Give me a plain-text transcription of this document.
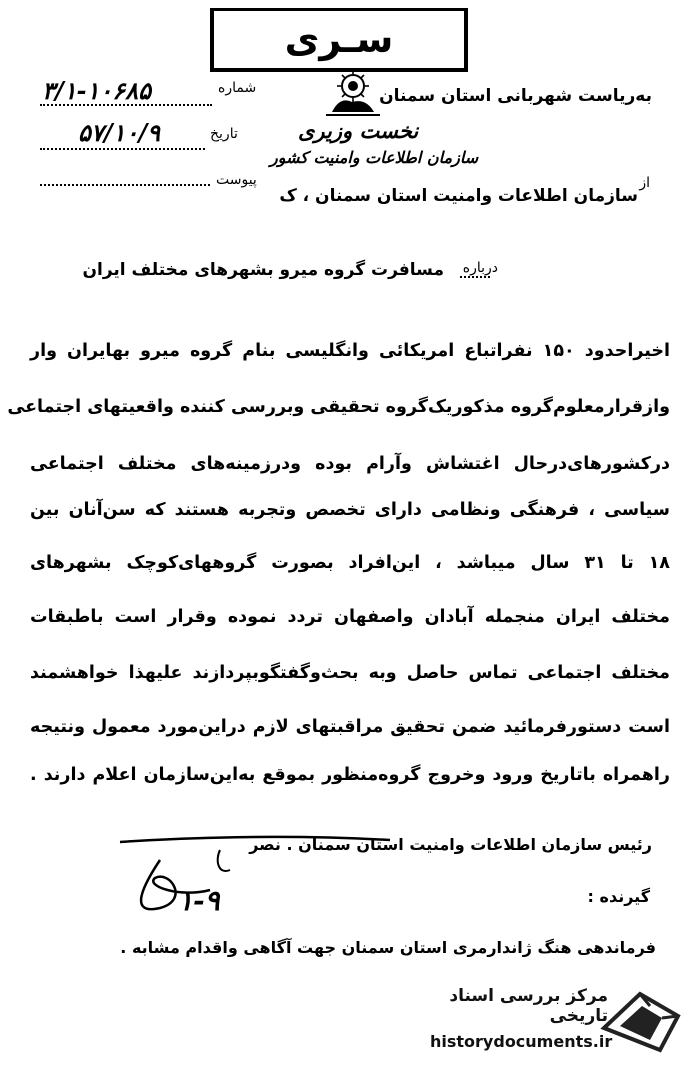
سـری
به‌ریاست شهربانی استان سمنان
شماره
۳/۱-۱۰۶۸۵
نخست وزیری
سازمان اطلاعات وامنیت کشور
تاریخ
۵۷/۱۰/۹
پیوست	از
سازمان اطلاعات وامنیت استان سمنان ، ک
درباره
مسافرت گروه میرو بشهرهای مختلف ایران
اخیراحدود ۱۵۰ نفراتباع امریکائی وانگلیسی بنام گروه میرو بهایران وار
وازقرارمعلوم‌گروه مذکوریک‌گروه تحقیقی وبررسی کننده واقعیتهای اجتماعی
درکشورهای‌درحال اغتشاش وآرام بوده ودرزمینه‌های مختلف اجتماعی
سیاسی ، فرهنگی ونظامی دارای تخصص وتجربه هستند که سن‌آنان بین
۱۸ تا ۳۱ سال میباشد ، این‌افراد بصورت گروههای‌کوچک بشهرهای
مختلف ایران منجمله آبادان واصفهان تردد نموده وقرار است باطبقات
مختلف اجتماعی تماس حاصل وبه بحث‌وگفتگوبپردازند علیهذا خواهشمند
است دستورفرمائید ضمن تحقیق مراقبتهای لازم دراین‌مورد معمول ونتیجه
راهمراه باتاریخ ورود وخروج گروه‌منظور بموقع به‌این‌سازمان اعلام دارند .
رئیس سازمان اطلاعات وامنیت استان سمنان . نصر
۱-۹	گیرنده :
فرماندهی هنگ ژاندارمری استان سمنان جهت آگاهی واقدام مشابه .
مرکز بررسی اسناد تاریخی
historydocuments.ir
